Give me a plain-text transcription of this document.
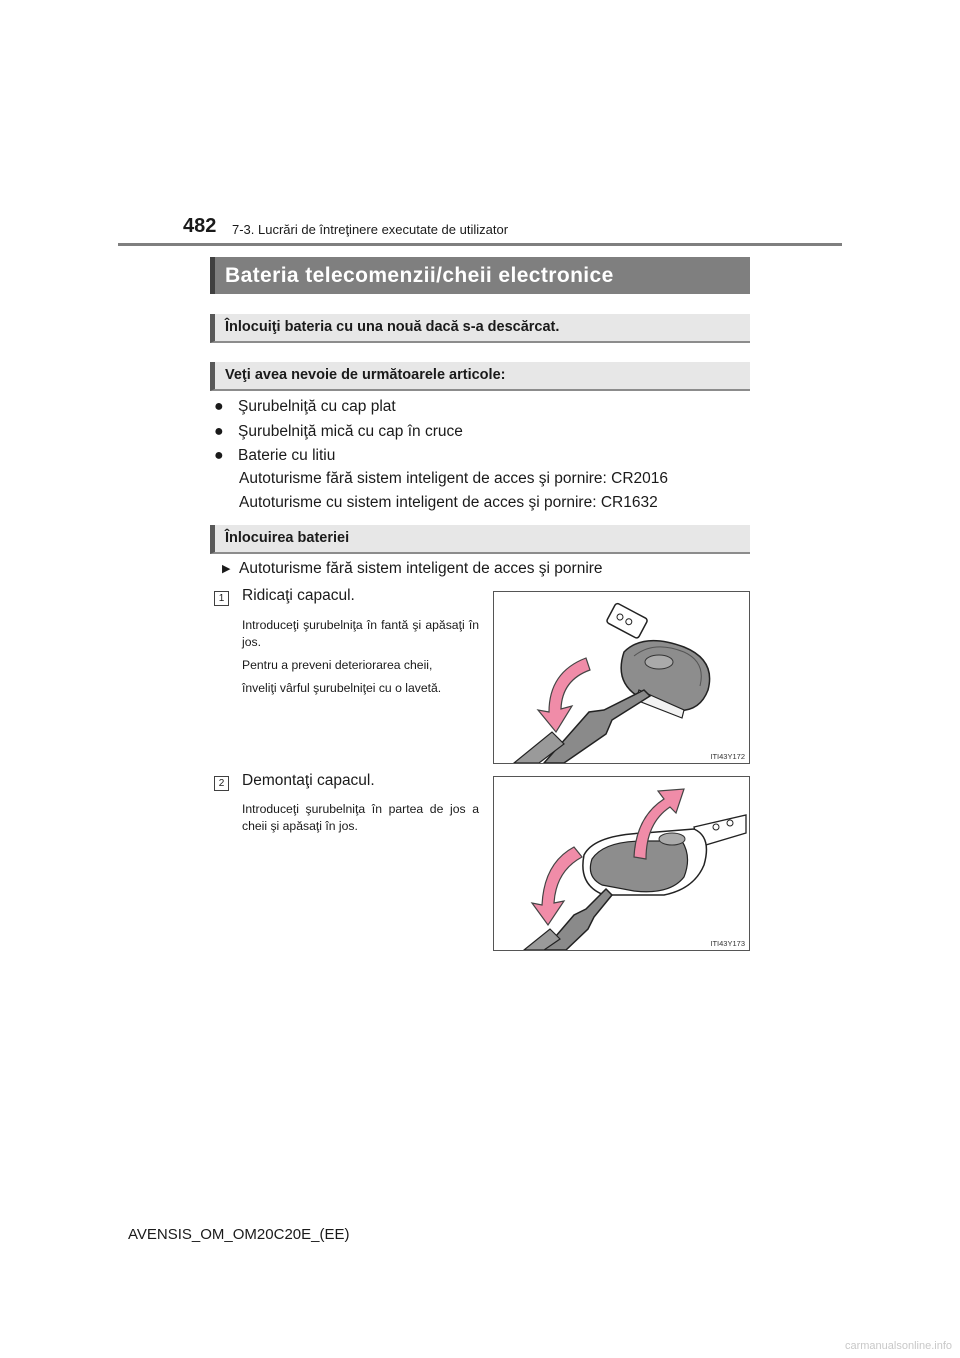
482 7-3. Lucrări de întreţinere executate de utilizator
Bateria telecomenzii/cheii electronice
Înlocuiţi bateria cu una nouă dacă s-a descărcat.
Veţi avea nevoie de următoarele articole:
● Şurubelniţă cu cap plat
● Şurubelniţă mică cu cap în cruce
● Baterie cu litiu
Autoturisme fără sistem inteligent de acces şi pornire: CR2016
Autoturisme cu sistem inteligent de acces şi pornire: CR1632
Înlocuirea bateriei
▶ Autoturisme fără sistem inteligent de acces şi pornire
1	Ridicaţi capacul.

Introduceţi şurubelniţa în fantă şi apăsaţi în jos.

Pentru a preveni deteriorarea cheii,

înveliţi vârful şurubelniţei cu o lavetă.

ITI43Y172
2	Demontaţi capacul.

Introduceţi şurubelniţa în partea de jos a cheii şi apăsaţi în jos.

ITI43Y173
AVENSIS_OM_OM20C20E_(EE)
carmanualsonline.info
